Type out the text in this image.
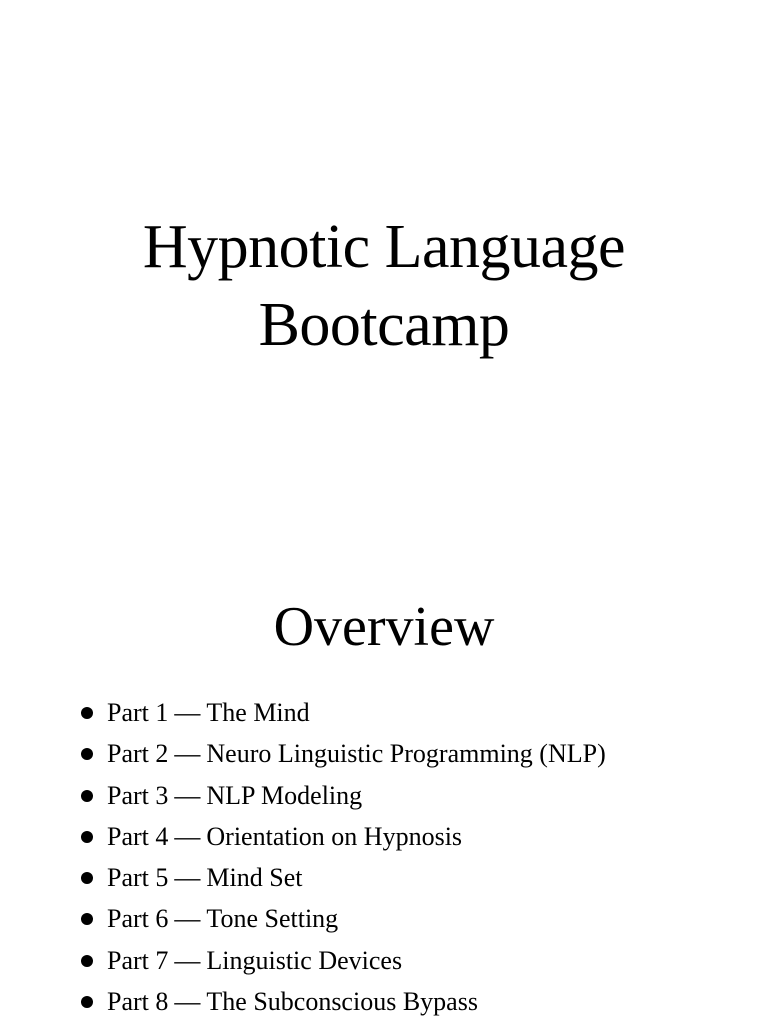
Hypnotic Language
Bootcamp
Overview
Part 1 — The Mind
Part 2 — Neuro Linguistic Programming (NLP)
Part 3 — NLP Modeling
Part 4 — Orientation on Hypnosis
Part 5 — Mind Set
Part 6 — Tone Setting
Part 7 — Linguistic Devices
Part 8 — The Subconscious Bypass
